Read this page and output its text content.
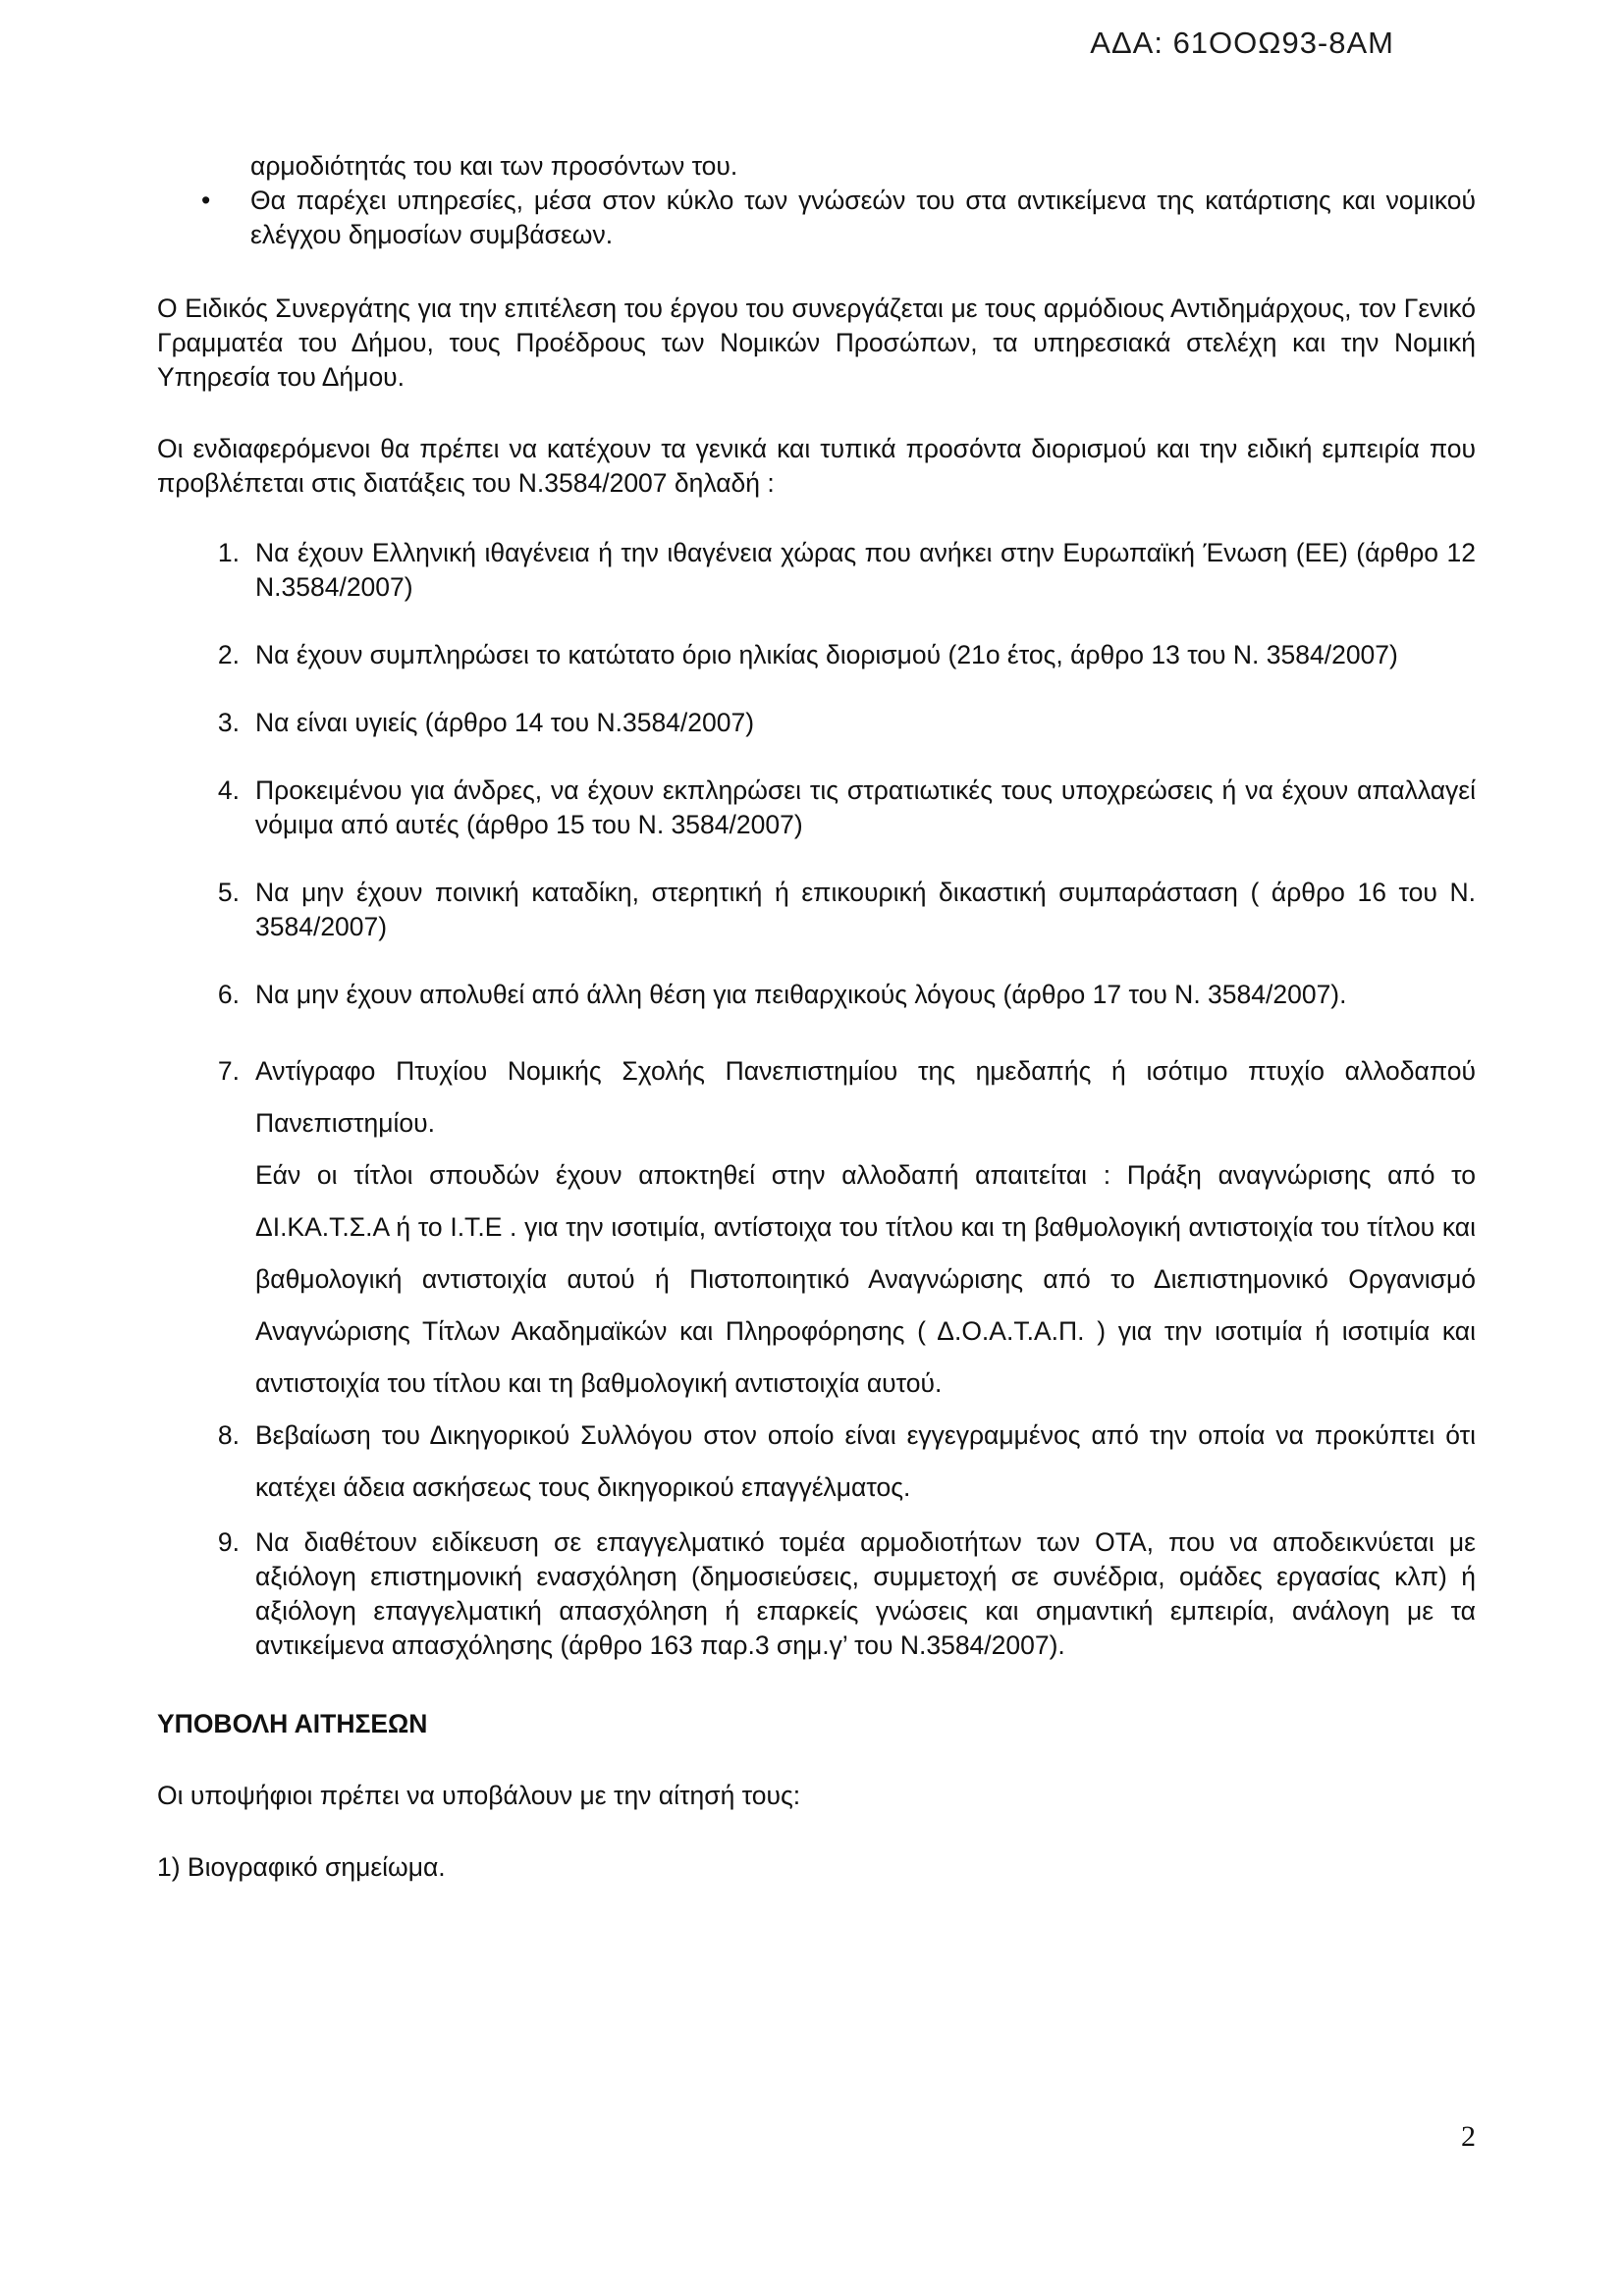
ΑΔΑ: 61ΟΟΩ93-8ΑΜ
αρμοδιότητάς του και των προσόντων του.
•	Θα παρέχει υπηρεσίες, μέσα στον κύκλο των γνώσεών του στα αντικείμενα της κατάρτισης και νομικού ελέγχου δημοσίων συμβάσεων.

Ο Ειδικός Συνεργάτης για την επιτέλεση του έργου του συνεργάζεται με τους αρμόδιους Αντιδημάρχους, τον Γενικό Γραμματέα του Δήμου, τους Προέδρους των Νομικών Προσώπων, τα υπηρεσιακά στελέχη και την Νομική Υπηρεσία του Δήμου.

Οι ενδιαφερόμενοι θα πρέπει να κατέχουν τα γενικά και τυπικά προσόντα διορισμού και την ειδική εμπειρία που προβλέπεται στις διατάξεις του Ν.3584/2007 δηλαδή :

1. Να έχουν Ελληνική ιθαγένεια ή την ιθαγένεια χώρας που ανήκει στην Ευρωπαϊκή Ένωση (ΕΕ) (άρθρο 12 Ν.3584/2007)
2. Να έχουν συμπληρώσει το κατώτατο όριο ηλικίας διορισμού (21ο έτος, άρθρο 13 του Ν. 3584/2007)
3. Να είναι υγιείς (άρθρο 14 του Ν.3584/2007)
4. Προκειμένου για άνδρες, να έχουν εκπληρώσει τις στρατιωτικές τους υποχρεώσεις ή να έχουν απαλλαγεί νόμιμα από αυτές (άρθρο 15 του Ν. 3584/2007)
5. Να μην έχουν ποινική καταδίκη, στερητική ή επικουρική δικαστική συμπαράσταση ( άρθρο 16 του Ν. 3584/2007)
6. Να μην έχουν απολυθεί από άλλη θέση για πειθαρχικούς λόγους (άρθρο 17 του Ν. 3584/2007).
7. Αντίγραφο Πτυχίου Νομικής Σχολής Πανεπιστημίου της ημεδαπής ή ισότιμο πτυχίο αλλοδαπού Πανεπιστημίου.
Εάν οι τίτλοι σπουδών έχουν αποκτηθεί στην αλλοδαπή απαιτείται : Πράξη αναγνώρισης από το ΔΙ.ΚΑ.Τ.Σ.Α ή το Ι.Τ.Ε . για την ισοτιμία, αντίστοιχα του τίτλου και τη βαθμολογική αντιστοιχία του τίτλου και βαθμολογική αντιστοιχία αυτού ή Πιστοποιητικό Αναγνώρισης από το Διεπιστημονικό Οργανισμό Αναγνώρισης Τίτλων Ακαδημαϊκών και Πληροφόρησης ( Δ.Ο.Α.Τ.Α.Π. ) για την ισοτιμία ή ισοτιμία και αντιστοιχία του τίτλου και τη βαθμολογική αντιστοιχία αυτού.
8. Βεβαίωση του Δικηγορικού Συλλόγου στον οποίο είναι εγγεγραμμένος από την οποία να προκύπτει ότι κατέχει άδεια ασκήσεως τους δικηγορικού επαγγέλματος.
9. Να διαθέτουν ειδίκευση σε επαγγελματικό τομέα αρμοδιοτήτων των ΟΤΑ, που να αποδεικνύεται με αξιόλογη επιστημονική ενασχόληση (δημοσιεύσεις, συμμετοχή σε συνέδρια, ομάδες εργασίας κλπ) ή αξιόλογη επαγγελματική απασχόληση ή επαρκείς γνώσεις και σημαντική εμπειρία, ανάλογη με τα αντικείμενα απασχόλησης (άρθρο 163 παρ.3 σημ.γ’ του Ν.3584/2007).
ΥΠΟΒΟΛΗ ΑΙΤΗΣΕΩΝ

Οι υποψήφιοι πρέπει να υποβάλουν με την αίτησή τους:

1) Βιογραφικό σημείωμα.

2
